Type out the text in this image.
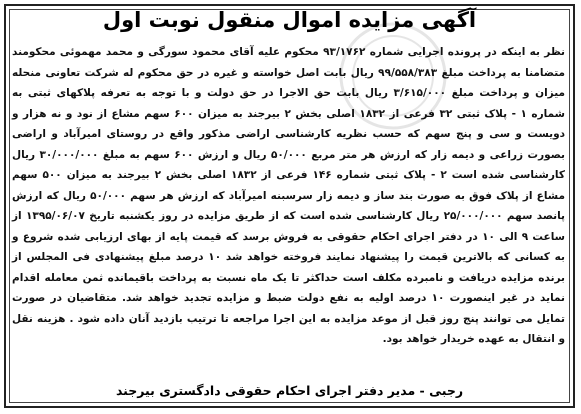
آگهی مزایده اموال منقول نوبت اول
نظر به اینکه در پرونده اجرایی شماره ۹۳/۱۷۶۲ محکوم علیه آقای محمود سورگی و محمد مهموئی محکومند متضامنا به پرداخت مبلغ ۹۹/۵۵۸/۳۸۳ ریال بابت اصل خواسته و غیره در حق محکوم له شرکت تعاونی منحله میزان و پرداخت مبلغ ۳/۶۱۵/۰۰۰ ریال بابت حق الاجرا در حق دولت و با توجه به تعرفه پلاکهای ثبتی به شماره ۱ - پلاک ثبتی ۳۲ فرعی از ۱۸۳۲ اصلی بخش ۲ بیرجند به میزان ۶۰۰ سهم مشاع از نود و نه هزار و دویست و سی و پنج سهم که حسب نظریه کارشناسی اراضی مذکور واقع در روستای امیرآباد و اراضی بصورت زراعی و دیمه زار که ارزش هر متر مربع ۵۰/۰۰۰ ریال و ارزش ۶۰۰ سهم به مبلغ ۳۰/۰۰۰/۰۰۰ ریال کارشناسی شده است ۲ - پلاک ثبتی شماره ۱۴۶ فرعی از ۱۸۳۲ اصلی بخش ۲ بیرجند به میزان ۵۰۰ سهم مشاع از پلاک فوق به صورت بند ساز و دیمه زار سرسبنه امیرآباد که ارزش هر سهم ۵۰/۰۰۰ ریال که ارزش پانصد سهم ۲۵/۰۰۰/۰۰۰ ریال کارشناسی شده است که از طریق مزایده در روز یکشنبه تاریخ ۱۳۹۵/۰۶/۰۷ از ساعت ۹ الی ۱۰ در دفتر اجرای احکام حقوقی به فروش برسد که قیمت پایه از بهای ارزیابی شده شروع و به کسانی که بالاترین قیمت را پیشنهاد نمایند فروخته خواهد شد ۱۰ درصد مبلغ پیشنهادی فی المجلس از برنده مزایده دریافت و نامبرده مکلف است حداکثر تا یک ماه نسبت به پرداخت باقیمانده ثمن معامله اقدام نماید در غیر اینصورت ۱۰ درصد اولیه به نفع دولت ضبط و مزایده تجدید خواهد شد. متقاضیان در صورت تمایل می توانند پنج روز قبل از موعد مزایده به این اجرا مراجعه تا ترتیب بازدید آنان داده شود . هزینه نقل و انتقال به عهده خریدار خواهد بود.
رجبی - مدیر دفتر اجرای احکام حقوقی دادگستری بیرجند
